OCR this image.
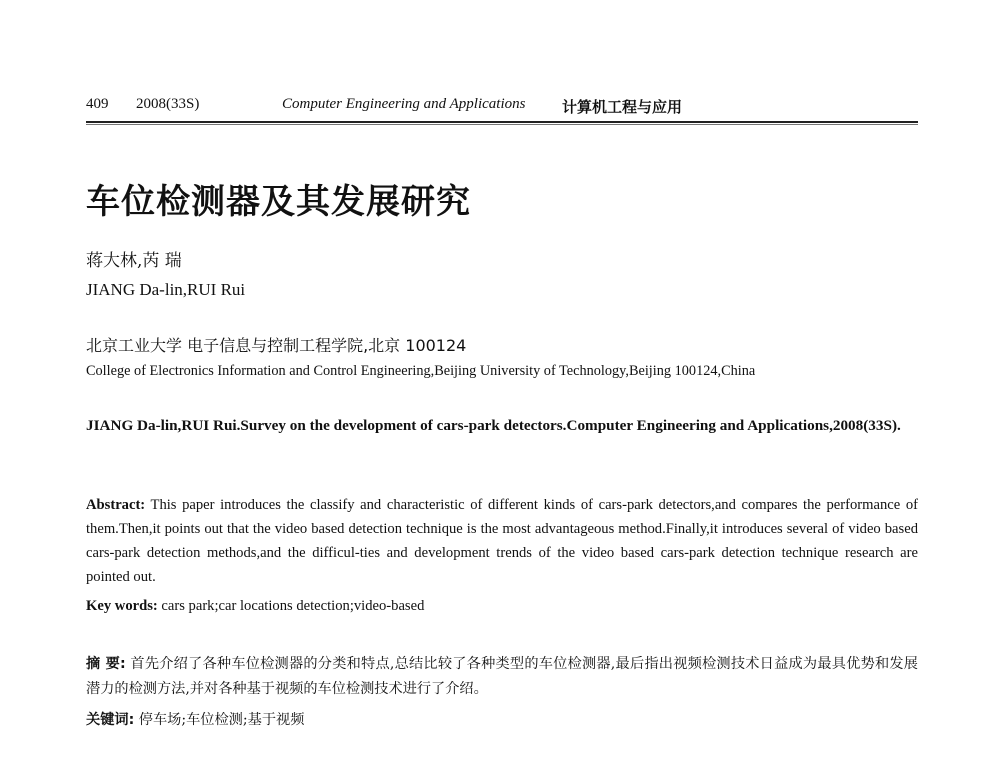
409 2008(33S)	Computer Engineering and Applications 计算机工程与应用
车位检测器及其发展研究
蒋大林,芮 瑞
JIANG Da-lin,RUI Rui
北京工业大学 电子信息与控制工程学院,北京 100124
College of Electronics Information and Control Engineering,Beijing University of Technology,Beijing 100124,China
JIANG Da-lin,RUI Rui.Survey on the development of cars-park detectors.Computer Engineering and Applications,2008(33S).
Abstract: This paper introduces the classify and characteristic of different kinds of cars-park detectors,and compares the performance of them.Then,it points out that the video based detection technique is the most advantageous method.Finally,it introduces several of video based cars-park detection methods,and the difficul-ties and development trends of the video based cars-park detection technique research are pointed out.
Key words: cars park;car locations detection;video-based
摘 要: 首先介绍了各种车位检测器的分类和特点,总结比较了各种类型的车位检测器,最后指出视频检测技术日益成为最具优势和发展潜力的检测方法,并对各种基于视频的车位检测技术进行了介绍。
关键词: 停车场;车位检测;基于视频
